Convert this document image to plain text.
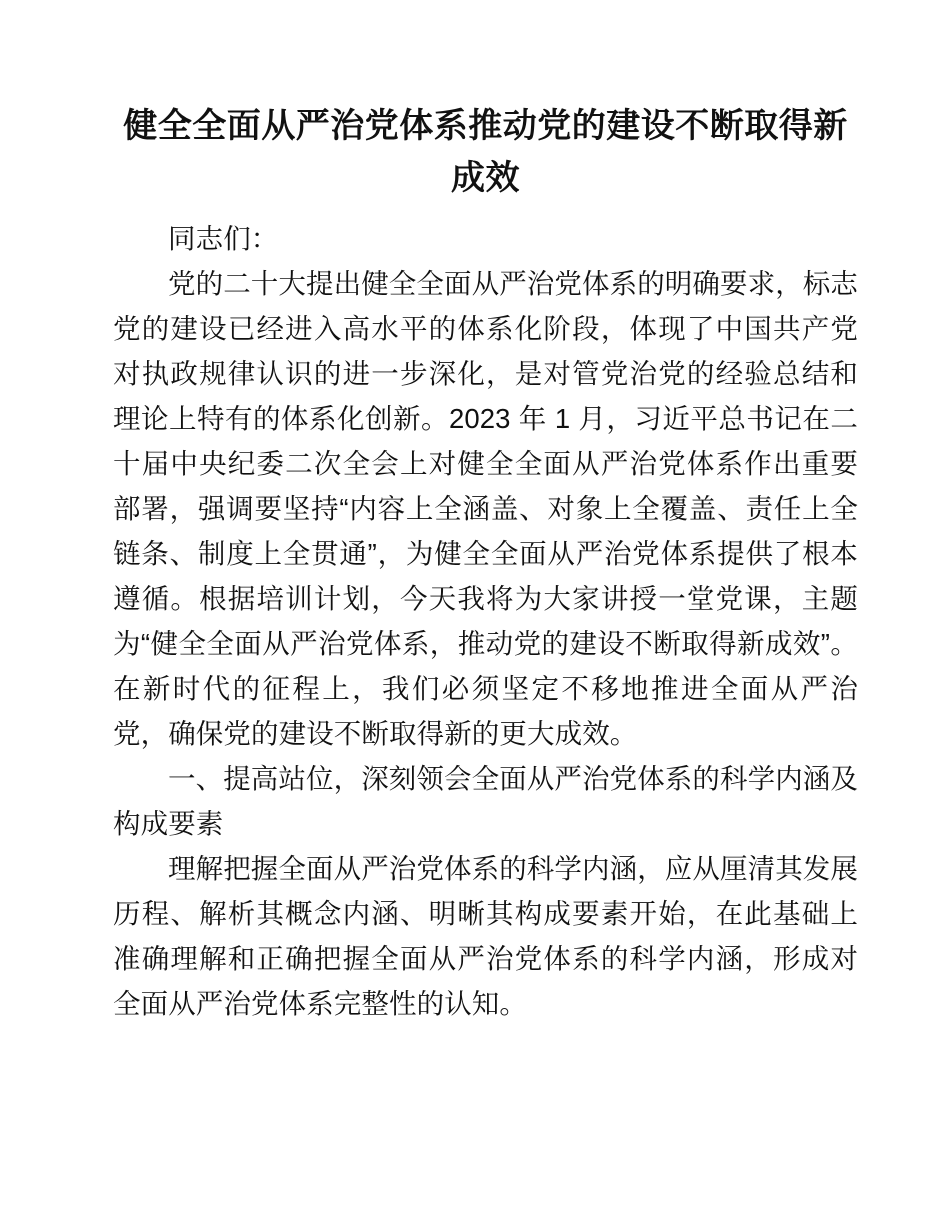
健全全面从严治党体系推动党的建设不断取得新成效

同志们：

党的二十大提出健全全面从严治党体系的明确要求，标志党的建设已经进入高水平的体系化阶段，体现了中国共产党对执政规律认识的进一步深化，是对管党治党的经验总结和理论上特有的体系化创新。2023 年 1 月，习近平总书记在二十届中央纪委二次全会上对健全全面从严治党体系作出重要部署，强调要坚持“内容上全涵盖、对象上全覆盖、责任上全链条、制度上全贯通”，为健全全面从严治党体系提供了根本遵循。根据培训计划，今天我将为大家讲授一堂党课，主题为“健全全面从严治党体系，推动党的建设不断取得新成效”。在新时代的征程上，我们必须坚定不移地推进全面从严治党，确保党的建设不断取得新的更大成效。

一、提高站位，深刻领会全面从严治党体系的科学内涵及构成要素

理解把握全面从严治党体系的科学内涵，应从厘清其发展历程、解析其概念内涵、明晰其构成要素开始，在此基础上准确理解和正确把握全面从严治党体系的科学内涵，形成对全面从严治党体系完整性的认知。
